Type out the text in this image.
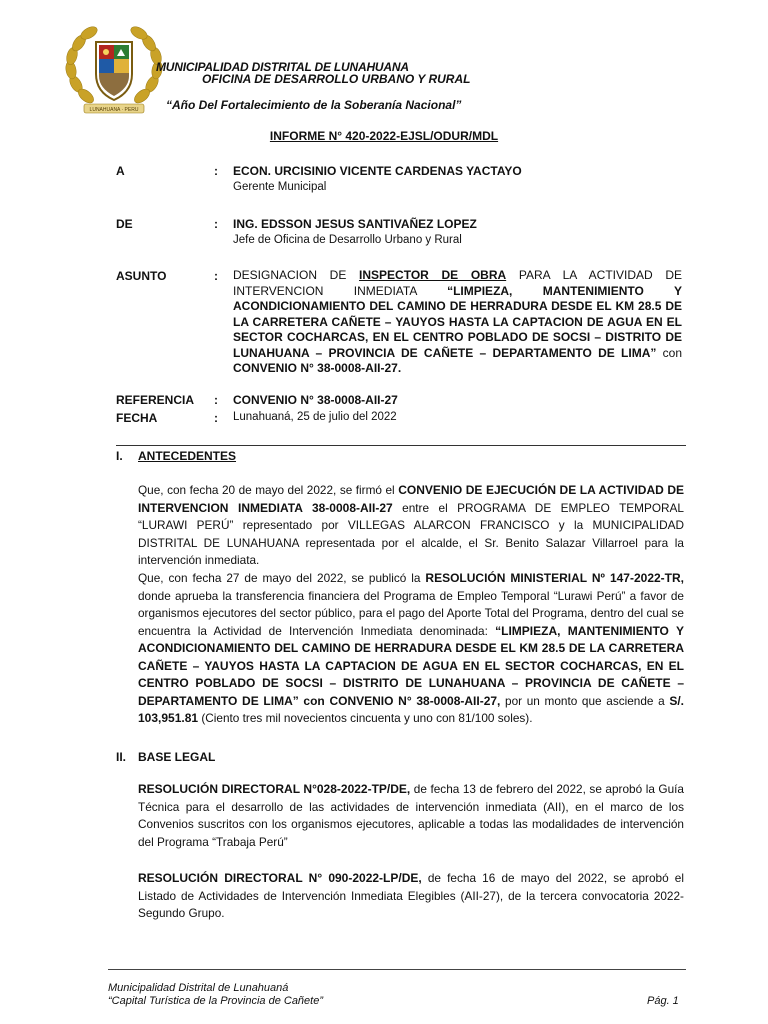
LUNAHUANA · PERU
MUNICIPALIDAD DISTRITAL DE LUNAHUANA
OFICINA DE DESARROLLO URBANO Y RURAL
“Año Del Fortalecimiento de la Soberanía Nacional”
INFORME N° 420-2022-EJSL/ODUR/MDL
A	: ECON. URCISINIO VICENTE CARDENAS YACTAYO
Gerente Municipal
DE	: ING. EDSSON JESUS SANTIVAÑEZ LOPEZ
Jefe de Oficina de Desarrollo Urbano y Rural
ASUNTO	: DESIGNACION DE INSPECTOR DE OBRA PARA LA ACTIVIDAD DE INTERVENCION INMEDIATA “LIMPIEZA, MANTENIMIENTO Y ACONDICIONAMIENTO DEL CAMINO DE HERRADURA DESDE EL KM 28.5 DE LA CARRETERA CAÑETE – YAUYOS HASTA LA CAPTACION DE AGUA EN EL SECTOR COCHARCAS, EN EL CENTRO POBLADO DE SOCSI – DISTRITO DE LUNAHUANA – PROVINCIA DE CAÑETE – DEPARTAMENTO DE LIMA” con CONVENIO N° 38-0008-AII-27.
REFERENCIA : CONVENIO N° 38-0008-AII-27
FECHA	: Lunahuaná, 25 de julio del 2022
I. ANTECEDENTES
Que, con fecha 20 de mayo del 2022, se firmó el CONVENIO DE EJECUCIÓN DE LA ACTIVIDAD DE INTERVENCION INMEDIATA 38-0008-AII-27 entre el PROGRAMA DE EMPLEO TEMPORAL “LURAWI PERÚ” representado por VILLEGAS ALARCON FRANCISCO y la MUNICIPALIDAD DISTRITAL DE LUNAHUANA representada por el alcalde, el Sr. Benito Salazar Villarroel para la intervención inmediata.
Que, con fecha 27 de mayo del 2022, se publicó la RESOLUCIÓN MINISTERIAL Nº 147-2022-TR, donde aprueba la transferencia financiera del Programa de Empleo Temporal “Lurawi Perú” a favor de organismos ejecutores del sector público, para el pago del Aporte Total del Programa, dentro del cual se encuentra la Actividad de Intervención Inmediata denominada: “LIMPIEZA, MANTENIMIENTO Y ACONDICIONAMIENTO DEL CAMINO DE HERRADURA DESDE EL KM 28.5 DE LA CARRETERA CAÑETE – YAUYOS HASTA LA CAPTACION DE AGUA EN EL SECTOR COCHARCAS, EN EL CENTRO POBLADO DE SOCSI – DISTRITO DE LUNAHUANA – PROVINCIA DE CAÑETE – DEPARTAMENTO DE LIMA” con CONVENIO N° 38-0008-AII-27, por un monto que asciende a S/. 103,951.81 (Ciento tres mil novecientos cincuenta y uno con 81/100 soles).
II. BASE LEGAL
RESOLUCIÓN DIRECTORAL N°028-2022-TP/DE, de fecha 13 de febrero del 2022, se aprobó la Guía Técnica para el desarrollo de las actividades de intervención inmediata (AII), en el marco de los Convenios suscritos con los organismos ejecutores, aplicable a todas las modalidades de intervención del Programa “Trabaja Perú”
RESOLUCIÓN DIRECTORAL N° 090-2022-LP/DE, de fecha 16 de mayo del 2022, se aprobó el Listado de Actividades de Intervención Inmediata Elegibles (AII-27), de la tercera convocatoria 2022-Segundo Grupo.
Municipalidad Distrital de Lunahuaná
“Capital Turística de la Provincia de Cañete”	Pág. 1
